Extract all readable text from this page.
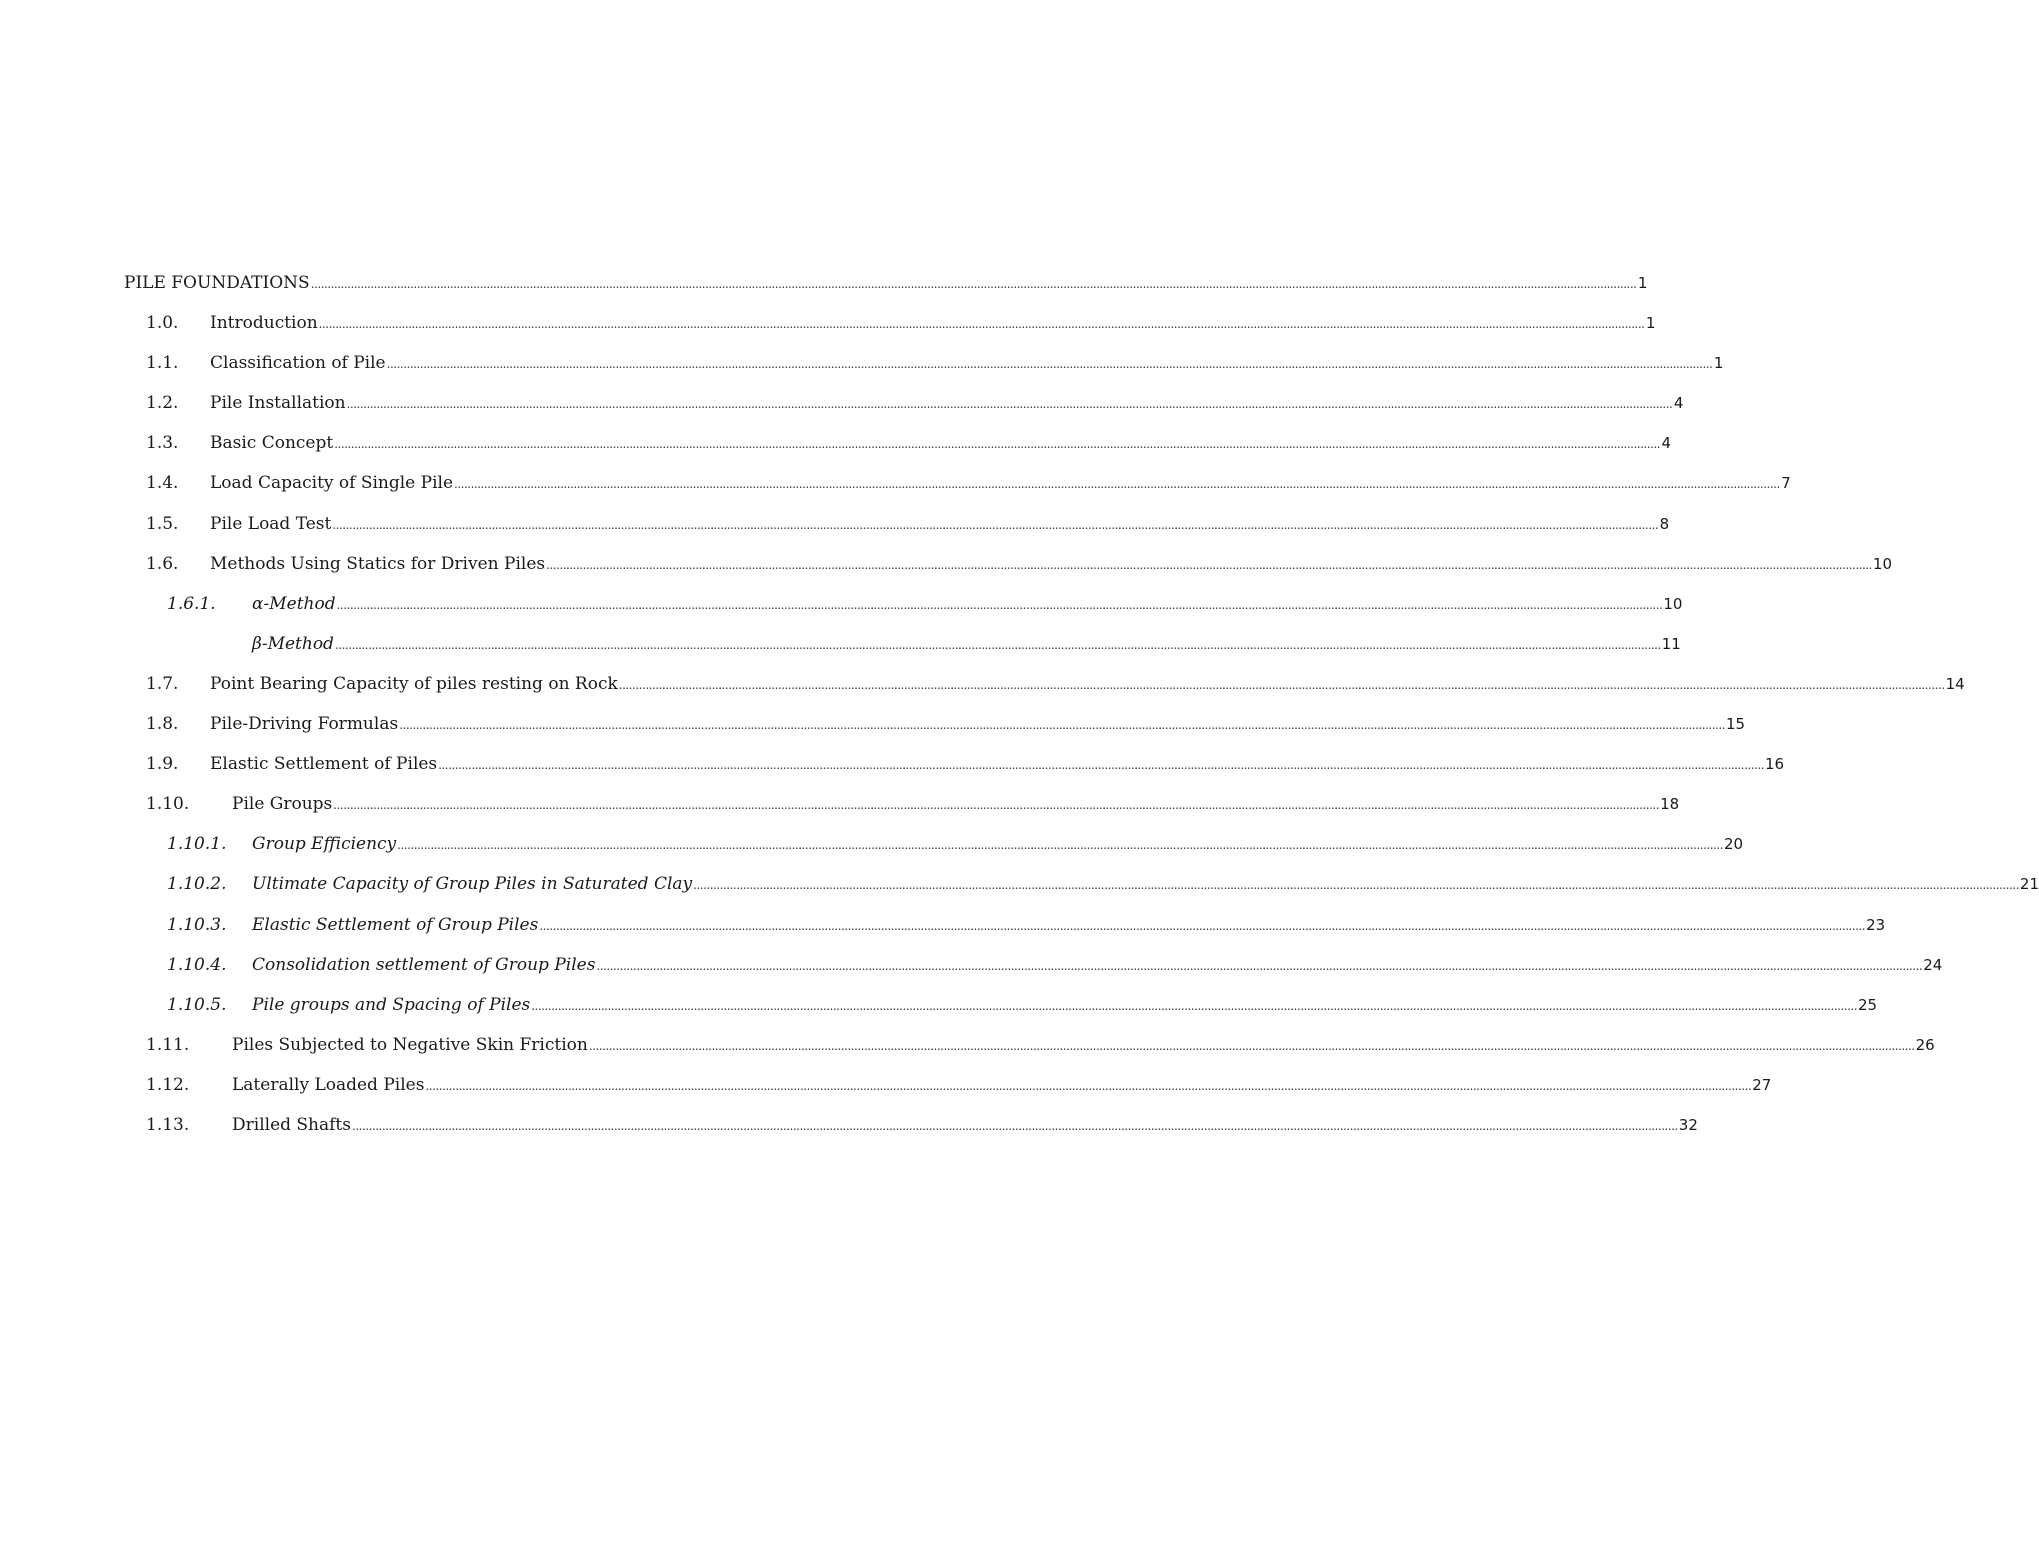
PILE FOUNDATIONS ................................................................................................................................................................................................................................................................................................................................................................................................................ 1
1.0. Introduction ................................................................................................................................................................................................................................................................................................................................................................................................................ 1
1.1. Classification of Pile ................................................................................................................................................................................................................................................................................................................................................................................................................ 1
1.2. Pile Installation ................................................................................................................................................................................................................................................................................................................................................................................................................ 4
1.3. Basic Concept ................................................................................................................................................................................................................................................................................................................................................................................................................ 4
1.4. Load Capacity of Single Pile ................................................................................................................................................................................................................................................................................................................................................................................................................ 7
1.5. Pile Load Test ................................................................................................................................................................................................................................................................................................................................................................................................................ 8
1.6. Methods Using Statics for Driven Piles ................................................................................................................................................................................................................................................................................................................................................................................................................ 10
1.6.1. α-Method ................................................................................................................................................................................................................................................................................................................................................................................................................ 10
β-Method ................................................................................................................................................................................................................................................................................................................................................................................................................ 11
1.7. Point Bearing Capacity of piles resting on Rock ................................................................................................................................................................................................................................................................................................................................................................................................................ 14
1.8. Pile-Driving Formulas ................................................................................................................................................................................................................................................................................................................................................................................................................ 15
1.9. Elastic Settlement of Piles ................................................................................................................................................................................................................................................................................................................................................................................................................ 16
1.10.	Pile Groups ................................................................................................................................................................................................................................................................................................................................................................................................................ 18
1.10.1. Group Efficiency ................................................................................................................................................................................................................................................................................................................................................................................................................ 20
1.10.2. Ultimate Capacity of Group Piles in Saturated Clay ................................................................................................................................................................................................................................................................................................................................................................................................................ 21
1.10.3. Elastic Settlement of Group Piles ................................................................................................................................................................................................................................................................................................................................................................................................................ 23
1.10.4. Consolidation settlement of Group Piles ................................................................................................................................................................................................................................................................................................................................................................................................................ 24
1.10.5. Pile groups and Spacing of Piles ................................................................................................................................................................................................................................................................................................................................................................................................................ 25
1.11.	Piles Subjected to Negative Skin Friction ................................................................................................................................................................................................................................................................................................................................................................................................................ 26
1.12.	Laterally Loaded Piles ................................................................................................................................................................................................................................................................................................................................................................................................................ 27
1.13.	Drilled Shafts ................................................................................................................................................................................................................................................................................................................................................................................................................ 32
